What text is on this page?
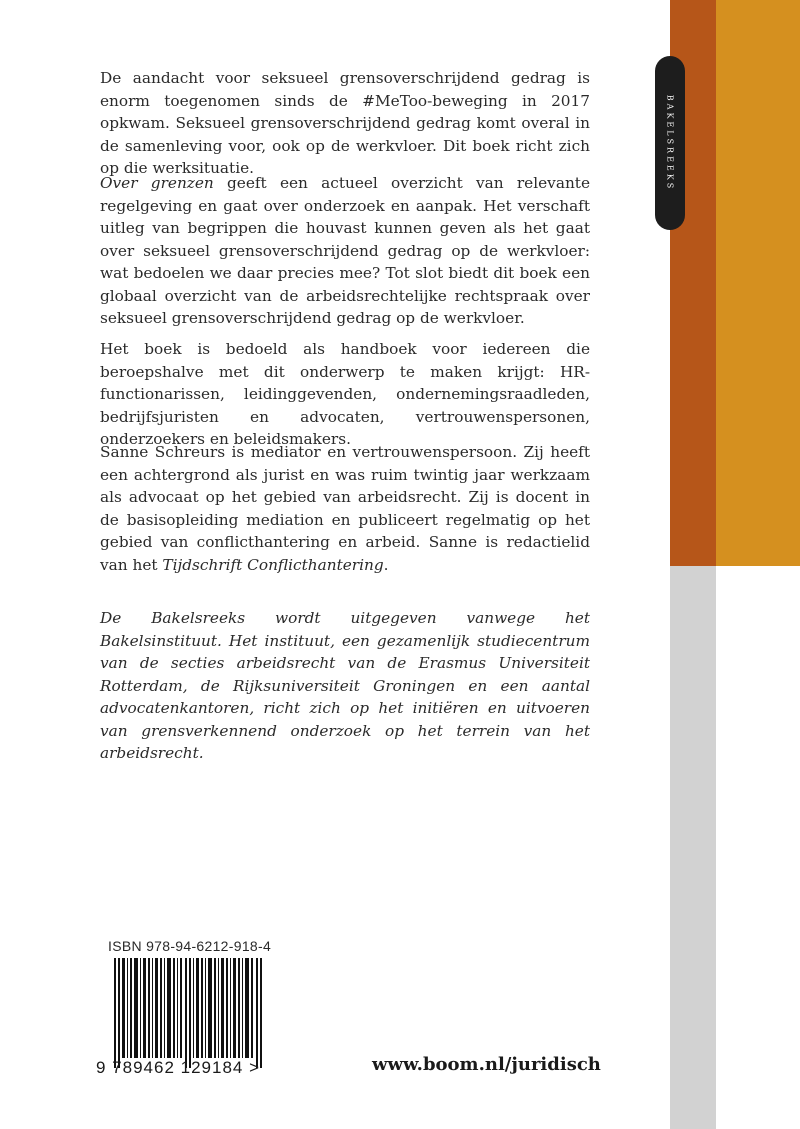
BAKELSREEKS

De aandacht voor seksueel grensoverschrijdend gedrag is enorm toegenomen sinds de #MeToo-beweging in 2017 opkwam. Seksueel grensoverschrijdend gedrag komt overal in de samenleving voor, ook op de werkvloer. Dit boek richt zich op die werksituatie.

Over grenzen geeft een actueel overzicht van relevante regelgeving en gaat over onderzoek en aanpak. Het verschaft uitleg van begrippen die houvast kunnen geven als het gaat over seksueel grensoverschrijdend gedrag op de werkvloer: wat bedoelen we daar precies mee? Tot slot biedt dit boek een globaal overzicht van de arbeidsrechtelijke rechtspraak over seksueel grensoverschrijdend gedrag op de werkvloer.

Het boek is bedoeld als handboek voor iedereen die beroepshalve met dit onderwerp te maken krijgt: HR-functionarissen, leidinggevenden, ondernemingsraadleden, bedrijfsjuristen en advocaten, vertrouwenspersonen, onderzoekers en beleidsmakers.

Sanne Schreurs is mediator en vertrouwenspersoon. Zij heeft een achtergrond als jurist en was ruim twintig jaar werkzaam als advocaat op het gebied van arbeidsrecht. Zij is docent in de basisopleiding mediation en publiceert regelmatig op het gebied van conflicthantering en arbeid. Sanne is redactielid van het Tijdschrift Conflicthantering.

De Bakelsreeks wordt uitgegeven vanwege het Bakelsinstituut. Het instituut, een gezamenlijk studiecentrum van de secties arbeidsrecht van de Erasmus Universiteit Rotterdam, de Rijksuniversiteit Groningen en een aantal advocatenkantoren, richt zich op het initiëren en uitvoeren van grensverkennend onderzoek op het terrein van het arbeidsrecht.

ISBN 978-94-6212-918-4
9 789462 129184 >	www.boom.nl/juridisch
